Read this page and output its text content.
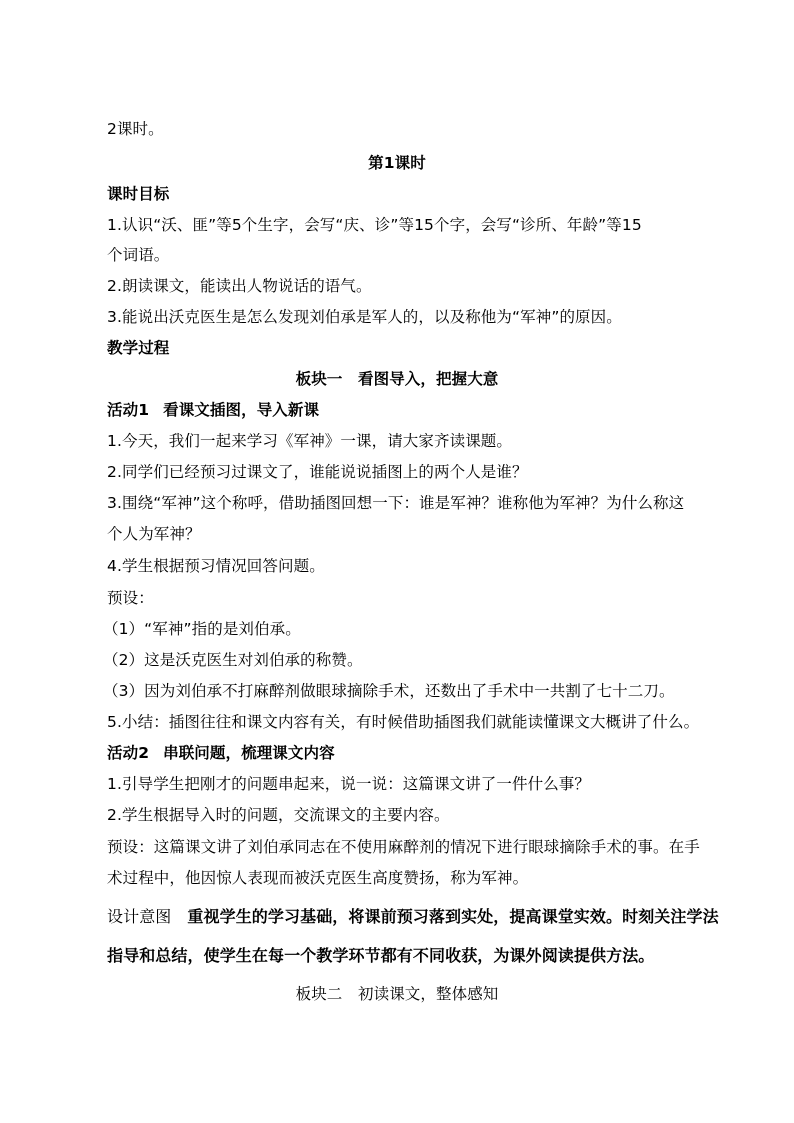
2课时。
第1课时
课时目标
1.认识“沃、匪”等5个生字，会写“庆、诊”等15个字，会写“诊所、年龄”等15
个词语。
2.朗读课文，能读出人物说话的语气。
3.能说出沃克医生是怎么发现刘伯承是军人的，以及称他为“军神”的原因。
教学过程
板块一　看图导入，把握大意
活动1 看课文插图，导入新课
1.今天，我们一起来学习《军神》一课，请大家齐读课题。
2.同学们已经预习过课文了，谁能说说插图上的两个人是谁？
3.围绕“军神”这个称呼，借助插图回想一下：谁是军神？谁称他为军神？为什么称这
个人为军神？
4.学生根据预习情况回答问题。
预设：
（1）“军神”指的是刘伯承。
（2）这是沃克医生对刘伯承的称赞。
（3）因为刘伯承不打麻醉剂做眼球摘除手术，还数出了手术中一共割了七十二刀。
5.小结：插图往往和课文内容有关，有时候借助插图我们就能读懂课文大概讲了什么。
活动2 串联问题，梳理课文内容
1.引导学生把刚才的问题串起来，说一说：这篇课文讲了一件什么事？
2.学生根据导入时的问题，交流课文的主要内容。
预设：这篇课文讲了刘伯承同志在不使用麻醉剂的情况下进行眼球摘除手术的事。在手
术过程中，他因惊人表现而被沃克医生高度赞扬，称为军神。
设计意图 重视学生的学习基础，将课前预习落到实处，提高课堂实效。时刻关注学法
指导和总结，使学生在每一个教学环节都有不同收获，为课外阅读提供方法。
板块二　初读课文，整体感知
